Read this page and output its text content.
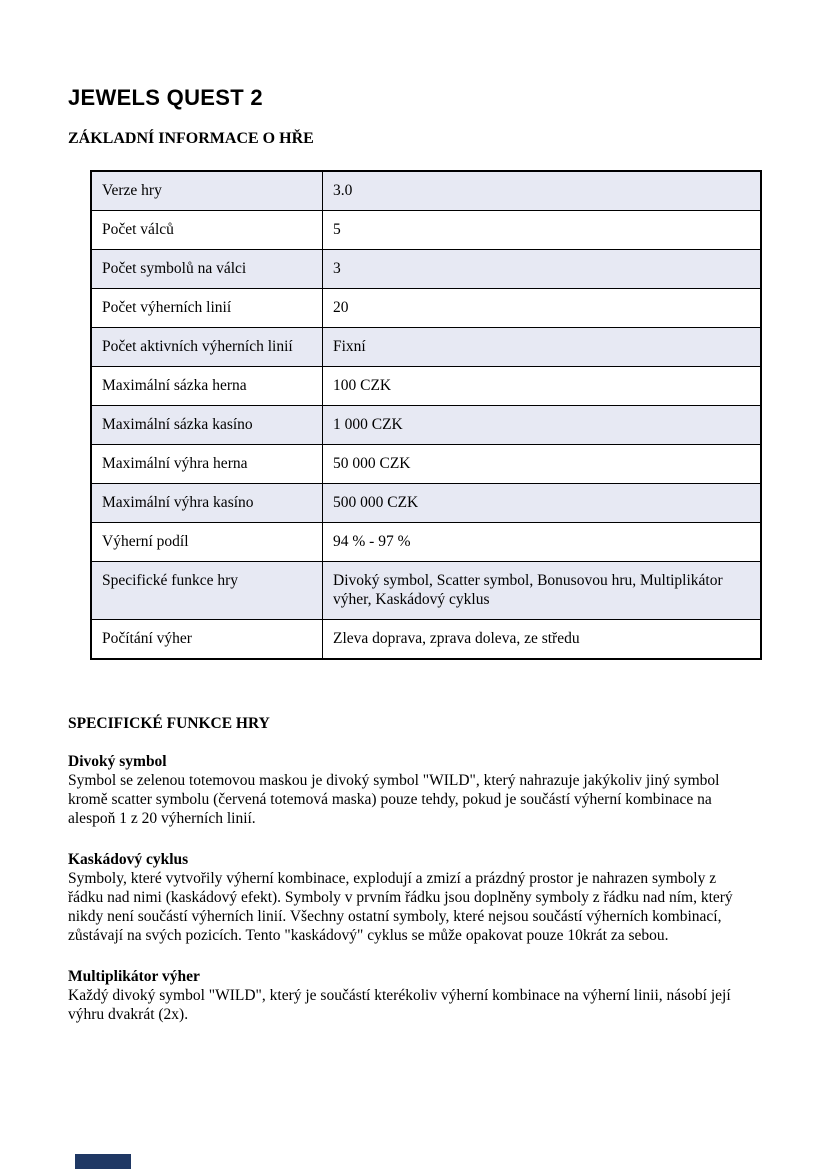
JEWELS QUEST 2
ZÁKLADNÍ INFORMACE O HŘE
Verze hry	3.0
Počet válců	5
Počet symbolů na válci	3
Počet výherních linií	20
Počet aktivních výherních linií	Fixní
Maximální sázka herna	100 CZK
Maximální sázka kasíno	1 000 CZK
Maximální výhra herna	50 000 CZK
Maximální výhra kasíno	500 000 CZK
Výherní podíl	94 % - 97 %
Specifické funkce hry	Divoký symbol, Scatter symbol, Bonusovou hru, Multiplikátor výher, Kaskádový cyklus
Počítání výher	Zleva doprava, zprava doleva, ze středu
SPECIFICKÉ FUNKCE HRY
Divoký symbol

Symbol se zelenou totemovou maskou je divoký symbol "WILD", který nahrazuje jakýkoliv jiný symbol kromě scatter symbolu (červená totemová maska) pouze tehdy, pokud je součástí výherní kombinace na alespoň 1 z 20 výherních linií.

Kaskádový cyklus

Symboly, které vytvořily výherní kombinace, explodují a zmizí a prázdný prostor je nahrazen symboly z řádku nad nimi (kaskádový efekt). Symboly v prvním řádku jsou doplněny symboly z řádku nad ním, který nikdy není součástí výherních linií. Všechny ostatní symboly, které nejsou součástí výherních kombinací, zůstávají na svých pozicích. Tento "kaskádový" cyklus se může opakovat pouze 10krát za sebou.

Multiplikátor výher

Každý divoký symbol "WILD", který je součástí kterékoliv výherní kombinace na výherní linii, násobí její výhru dvakrát (2x).
